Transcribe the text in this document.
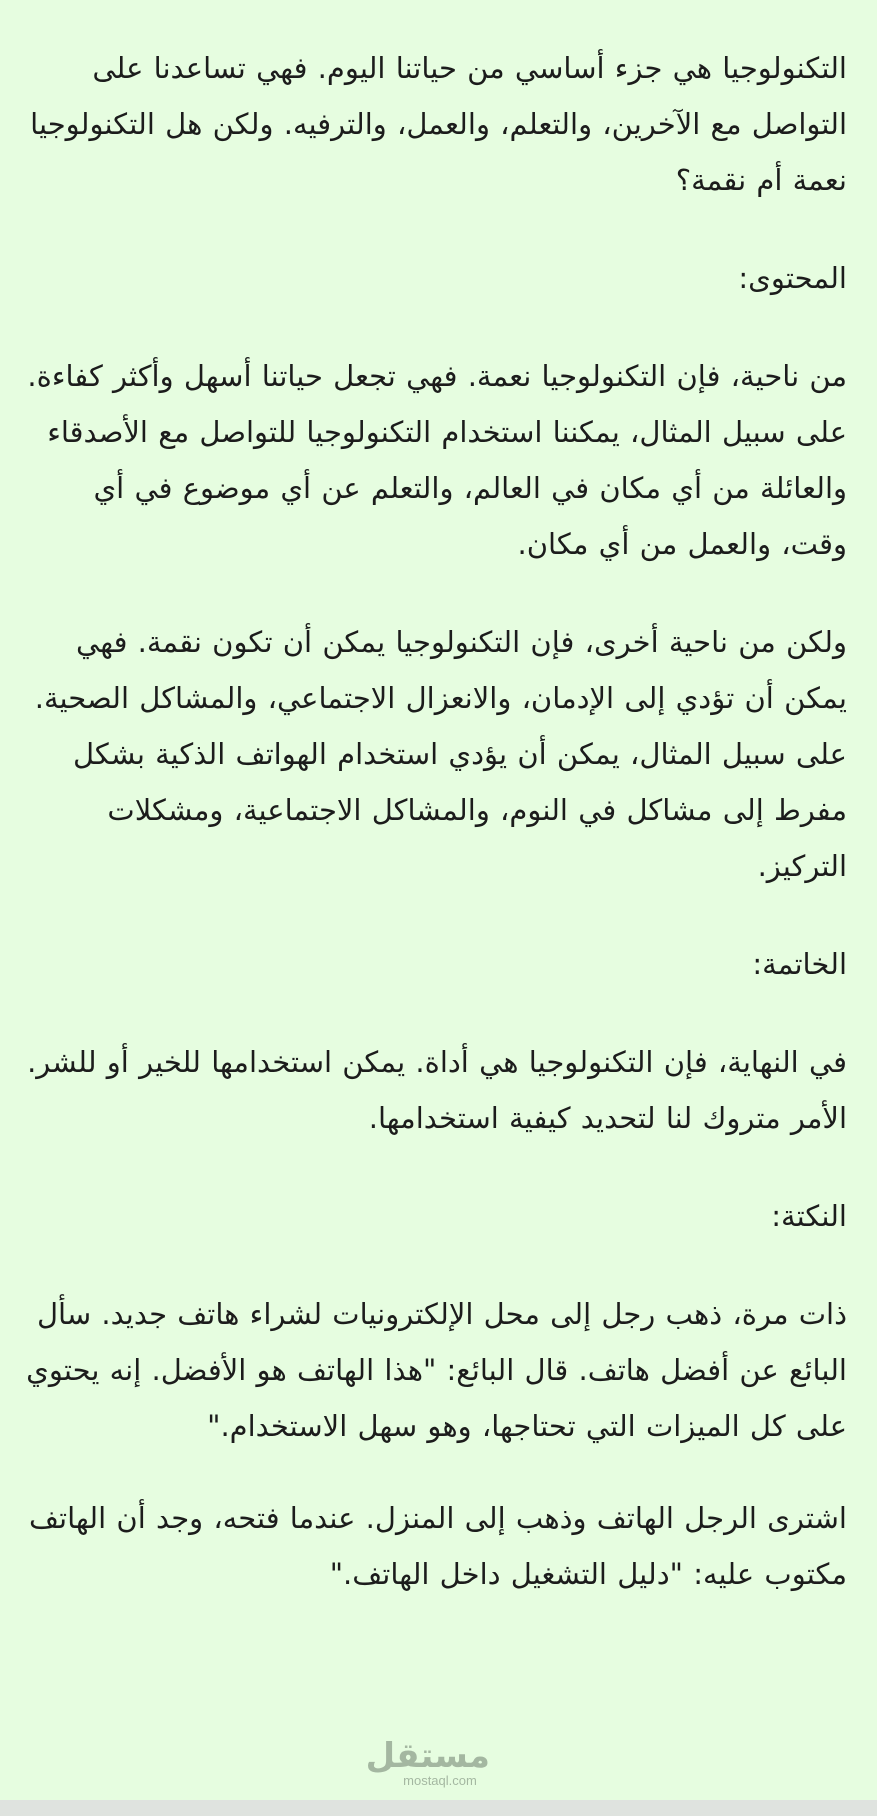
التكنولوجيا هي جزء أساسي من حياتنا اليوم. فهي تساعدنا على التواصل مع الآخرين، والتعلم، والعمل، والترفيه. ولكن هل التكنولوجيا نعمة أم نقمة؟

المحتوى:

من ناحية، فإن التكنولوجيا نعمة. فهي تجعل حياتنا أسهل وأكثر كفاءة. على سبيل المثال، يمكننا استخدام التكنولوجيا للتواصل مع الأصدقاء والعائلة من أي مكان في العالم، والتعلم عن أي موضوع في أي وقت، والعمل من أي مكان.

ولكن من ناحية أخرى، فإن التكنولوجيا يمكن أن تكون نقمة. فهي يمكن أن تؤدي إلى الإدمان، والانعزال الاجتماعي، والمشاكل الصحية. على سبيل المثال، يمكن أن يؤدي استخدام الهواتف الذكية بشكل مفرط إلى مشاكل في النوم، والمشاكل الاجتماعية، ومشكلات التركيز.

الخاتمة:

في النهاية، فإن التكنولوجيا هي أداة. يمكن استخدامها للخير أو للشر. الأمر متروك لنا لتحديد كيفية استخدامها.

النكتة:

ذات مرة، ذهب رجل إلى محل الإلكترونيات لشراء هاتف جديد. سأل البائع عن أفضل هاتف. قال البائع: "هذا الهاتف هو الأفضل. إنه يحتوي على كل الميزات التي تحتاجها، وهو سهل الاستخدام."

اشترى الرجل الهاتف وذهب إلى المنزل. عندما فتحه، وجد أن الهاتف مكتوب عليه: "دليل التشغيل داخل الهاتف."

مستقل
mostaql.com
